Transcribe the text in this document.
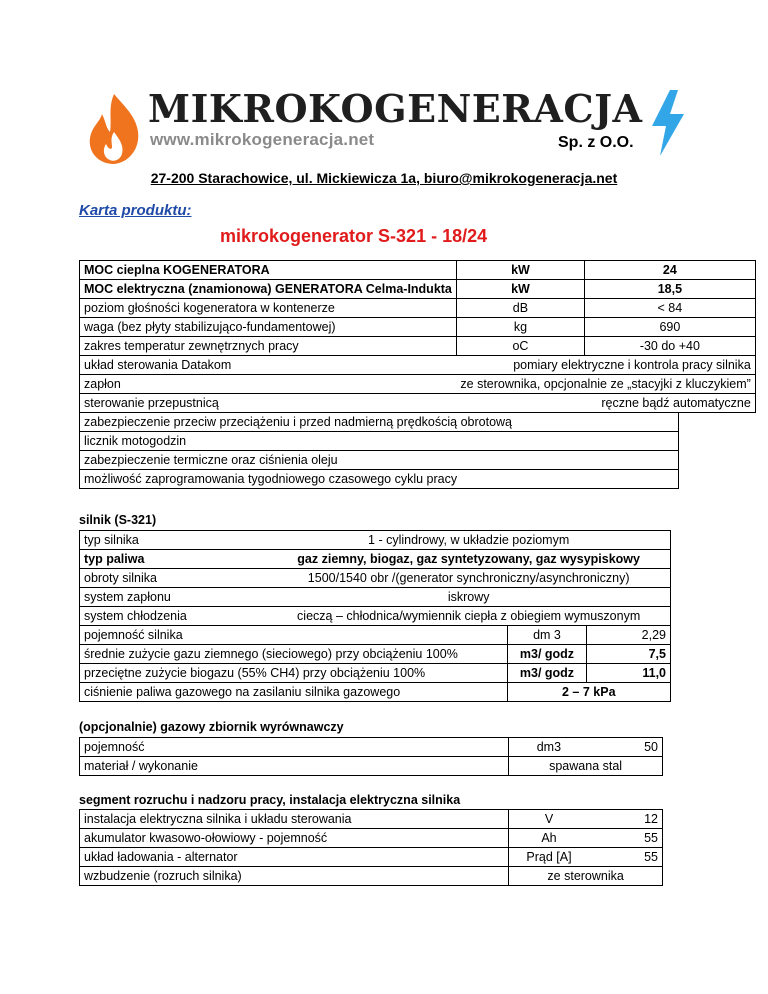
MIKROKOGENERACJA
www.mikrokogeneracja.net	Sp. z O.O.
27-200 Starachowice, ul. Mickiewicza 1a, biuro@mikrokogeneracja.net
Karta produktu:
mikrokogenerator S-321 - 18/24
MOC cieplna KOGENERATORA	kW	24
MOC elektryczna (znamionowa) GENERATORA Celma-Indukta	kW	18,5
poziom głośności kogeneratora w kontenerze	dB	< 84
waga (bez płyty stabilizująco-fundamentowej)	kg	690
zakres temperatur zewnętrznych pracy	oC	-30 do +40
układ sterowania Datakom	pomiary elektryczne i kontrola pracy silnika	
zapłon	ze sterownika, opcjonalnie ze „stacyjki z kluczykiem”	
sterowanie przepustnicą	ręczne bądź automatyczne	
zabezpieczenie przeciw przeciążeniu i przed nadmierną prędkością obrotową
licznik motogodzin
zabezpieczenie termiczne oraz ciśnienia oleju
możliwość zaprogramowania tygodniowego czasowego cyklu pracy
silnik (S-321)
typ silnika	1 - cylindrowy, w układzie poziomym		
typ paliwa	gaz ziemny, biogaz, gaz syntetyzowany, gaz wysypiskowy		
obroty silnika	1500/1540 obr /(generator synchroniczny/asynchroniczny)		
system zapłonu	iskrowy		
system chłodzenia	cieczą – chłodnica/wymiennik ciepła z obiegiem wymuszonym		
pojemność silnika		dm 3	2,29
średnie zużycie gazu ziemnego (sieciowego) przy obciążeniu 100%		m3/ godz	7,5
przeciętne zużycie biogazu (55% CH4) przy obciążeniu 100%		m3/ godz	11,0
ciśnienie paliwa gazowego na zasilaniu silnika gazowego		2 – 7 kPa	
(opcjonalnie) gazowy zbiornik wyrównawczy
pojemność	dm3	50
materiał / wykonanie	spawana stal	
segment rozruchu i nadzoru pracy, instalacja elektryczna silnika
instalacja elektryczna silnika i układu sterowania	V	12
akumulator kwasowo-ołowiowy - pojemność	Ah	55
układ ładowania - alternator	Prąd [A]	55
wzbudzenie (rozruch silnika)	ze sterownika	
